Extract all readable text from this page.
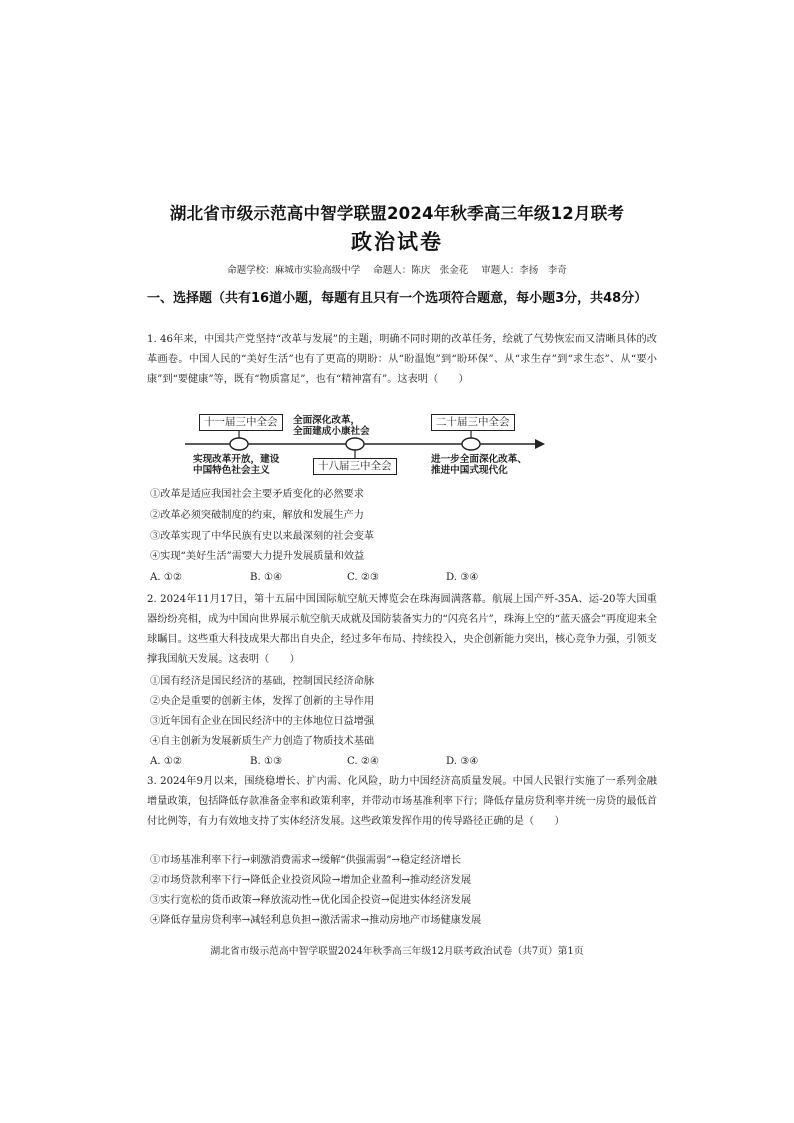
湖北省市级示范高中智学联盟2024年秋季高三年级12月联考
政治试卷
命题学校：麻城市实验高级中学 命题人：陈庆　张金花 审题人：李扬　李奇
一、选择题（共有16道小题，每题有且只有一个选项符合题意，每小题3分，共48分）
1. 46年来，中国共产党坚持“改革与发展”的主题，明确不同时期的改革任务，绘就了气势恢宏而又清晰具体的改革画卷。中国人民的“美好生活”也有了更高的期盼：从“盼温饱”到“盼环保”、从“求生存”到“求生态”、从“要小康”到“要健康”等，既有“物质富足”，也有“精神富有”。这表明（　　）
十一届三中全会
十八届三中全会
二十届三中全会
全面深化改革，
全面建成小康社会
实现改革开放，建设
中国特色社会主义
进一步全面深化改革、
推进中国式现代化
①改革是适应我国社会主要矛盾变化的必然要求
②改革必须突破制度的约束，解放和发展生产力
③改革实现了中华民族有史以来最深刻的社会变革
④实现“美好生活”需要大力提升发展质量和效益
A. ①②	B. ①④	C. ②③	D. ③④
2. 2024年11月17日，第十五届中国国际航空航天博览会在珠海圆满落幕。航展上国产歼-35A、运-20等大国重器纷纷亮相，成为中国向世界展示航空航天成就及国防装备实力的“闪亮名片”，珠海上空的“蓝天盛会”再度迎来全球瞩目。这些重大科技成果大都出自央企，经过多年布局、持续投入，央企创新能力突出，核心竞争力强，引领支撑我国航天发展。这表明（　　）
①国有经济是国民经济的基础，控制国民经济命脉
②央企是重要的创新主体，发挥了创新的主导作用
③近年国有企业在国民经济中的主体地位日益增强
④自主创新为发展新质生产力创造了物质技术基础
A. ①②	B. ①③	C. ②④	D. ③④
3. 2024年9月以来，围绕稳增长、扩内需、化风险，助力中国经济高质量发展。中国人民银行实施了一系列金融增量政策，包括降低存款准备金率和政策利率，并带动市场基准利率下行；降低存量房贷利率并统一房贷的最低首付比例等，有力有效地支持了实体经济发展。这些政策发挥作用的传导路径正确的是（　　）
①市场基准利率下行→刺激消费需求→缓解“供强需弱”→稳定经济增长
②市场贷款利率下行→降低企业投资风险→增加企业盈利→推动经济发展
③实行宽松的货币政策→释放流动性→优化国企投资→促进实体经济发展
④降低存量房贷利率→减轻利息负担→激活需求→推动房地产市场健康发展
湖北省市级示范高中智学联盟2024年秋季高三年级12月联考政治试卷（共7页）第1页
